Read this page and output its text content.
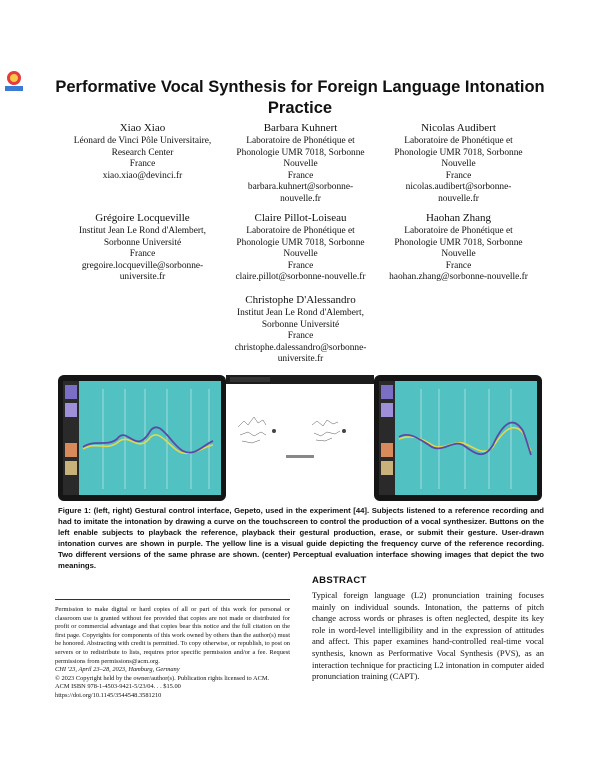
Performative Vocal Synthesis for Foreign Language Intonation Practice
Xiao Xiao
Léonard de Vinci Pôle Universitaire,
Research Center
France
xiao.xiao@devinci.fr
Barbara Kuhnert
Laboratoire de Phonétique et
Phonologie UMR 7018, Sorbonne
Nouvelle
France
barbara.kuhnert@sorbonne-
nouvelle.fr
Nicolas Audibert
Laboratoire de Phonétique et
Phonologie UMR 7018, Sorbonne
Nouvelle
France
nicolas.audibert@sorbonne-
nouvelle.fr
Grégoire Locqueville
Institut Jean Le Rond d'Alembert,
Sorbonne Université
France
gregoire.locqueville@sorbonne-
universite.fr
Claire Pillot-Loiseau
Laboratoire de Phonétique et
Phonologie UMR 7018, Sorbonne
Nouvelle
France
claire.pillot@sorbonne-nouvelle.fr
Haohan Zhang
Laboratoire de Phonétique et
Phonologie UMR 7018, Sorbonne
Nouvelle
France
haohan.zhang@sorbonne-nouvelle.fr
Christophe D'Alessandro
Institut Jean Le Rond d'Alembert,
Sorbonne Université
France
christophe.dalessandro@sorbonne-
universite.fr
Figure 1: (left, right) Gestural control interface, Gepeto, used in the experiment [44]. Subjects listened to a reference recording and had to imitate the intonation by drawing a curve on the touchscreen to control the production of a vocal synthesizer. Buttons on the left enable subjects to playback the reference, playback their gestural production, erase, or submit their gesture. User-drawn intonation curves are shown in purple. The yellow line is a visual guide depicting the frequency curve of the reference recording. Two different versions of the same phrase are shown. (center) Perceptual evaluation interface showing images that depict the two meanings.
ABSTRACT
Typical foreign language (L2) pronunciation training focuses mainly on individual sounds. Intonation, the patterns of pitch change across words or phrases is often neglected, despite its key role in word-level intelligibility and in the expression of attitudes and affect. This paper examines hand-controlled real-time vocal synthesis, known as Performative Vocal Synthesis (PVS), as an interaction technique for practicing L2 intonation in computer aided pronunciation training (CAPT).
Permission to make digital or hard copies of all or part of this work for personal or classroom use is granted without fee provided that copies are not made or distributed for profit or commercial advantage and that copies bear this notice and the full citation on the first page. Copyrights for components of this work owned by others than the author(s) must be honored. Abstracting with credit is permitted. To copy otherwise, or republish, to post on servers or to redistribute to lists, requires prior specific permission and/or a fee. Request permissions from permissions@acm.org.
CHI '23, April 23–28, 2023, Hamburg, Germany
© 2023 Copyright held by the owner/author(s). Publication rights licensed to ACM.
ACM ISBN 978-1-4503-9421-5/23/04. . . $15.00
https://doi.org/10.1145/3544548.3581210
